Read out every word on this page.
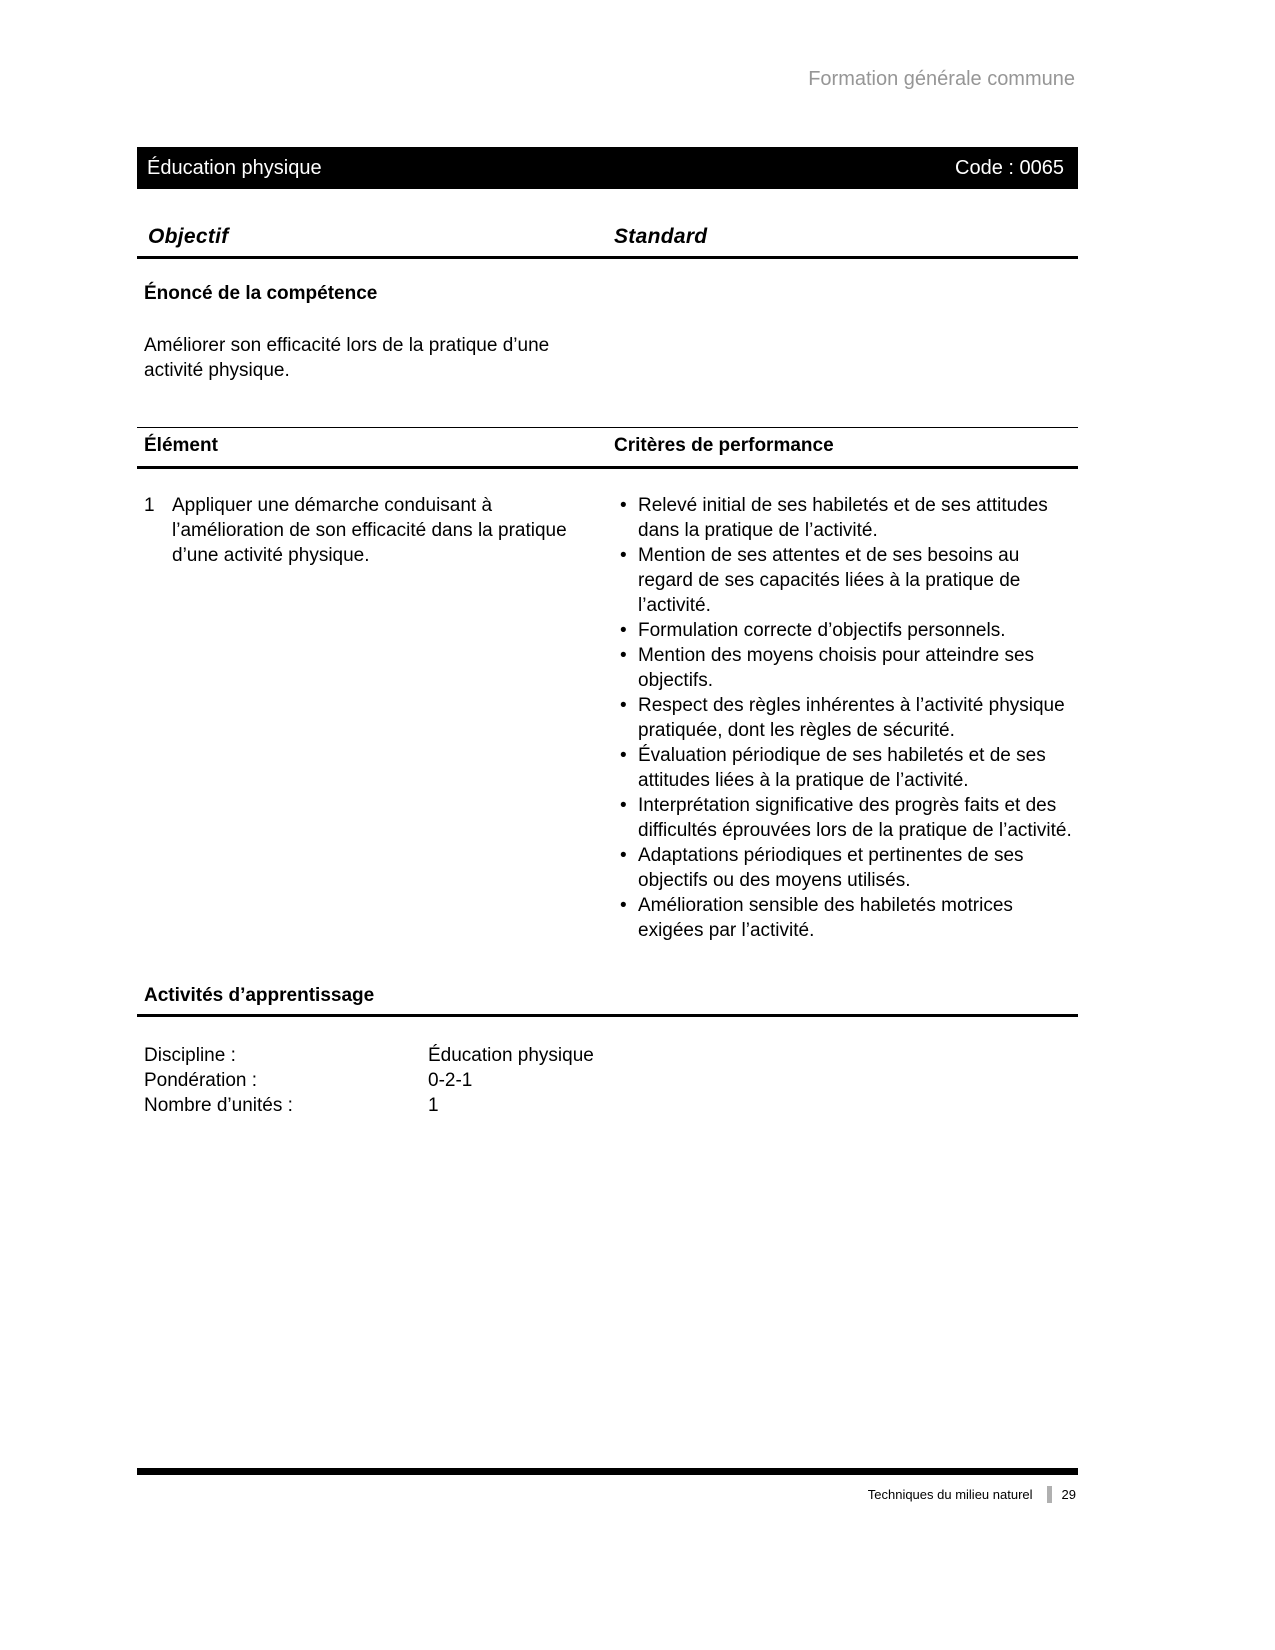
Formation générale commune
Éducation physique	Code : 0065
Objectif	Standard
Énoncé de la compétence
Améliorer son efficacité lors de la pratique d’une activité physique.
Élément	Critères de performance
1 Appliquer une démarche conduisant à l’amélioration de son efficacité dans la pratique d’une activité physique.
• Relevé initial de ses habiletés et de ses attitudes dans la pratique de l’activité.
• Mention de ses attentes et de ses besoins au regard de ses capacités liées à la pratique de l’activité.
• Formulation correcte d’objectifs personnels.
• Mention des moyens choisis pour atteindre ses objectifs.
• Respect des règles inhérentes à l’activité physique pratiquée, dont les règles de sécurité.
• Évaluation périodique de ses habiletés et de ses attitudes liées à la pratique de l’activité.
• Interprétation significative des progrès faits et des difficultés éprouvées lors de la pratique de l’activité.
• Adaptations périodiques et pertinentes de ses objectifs ou des moyens utilisés.
• Amélioration sensible des habiletés motrices exigées par l’activité.
Activités d’apprentissage
Discipline :	Éducation physique
Pondération :	0-2-1
Nombre d’unités :	1
Techniques du milieu naturel 29
